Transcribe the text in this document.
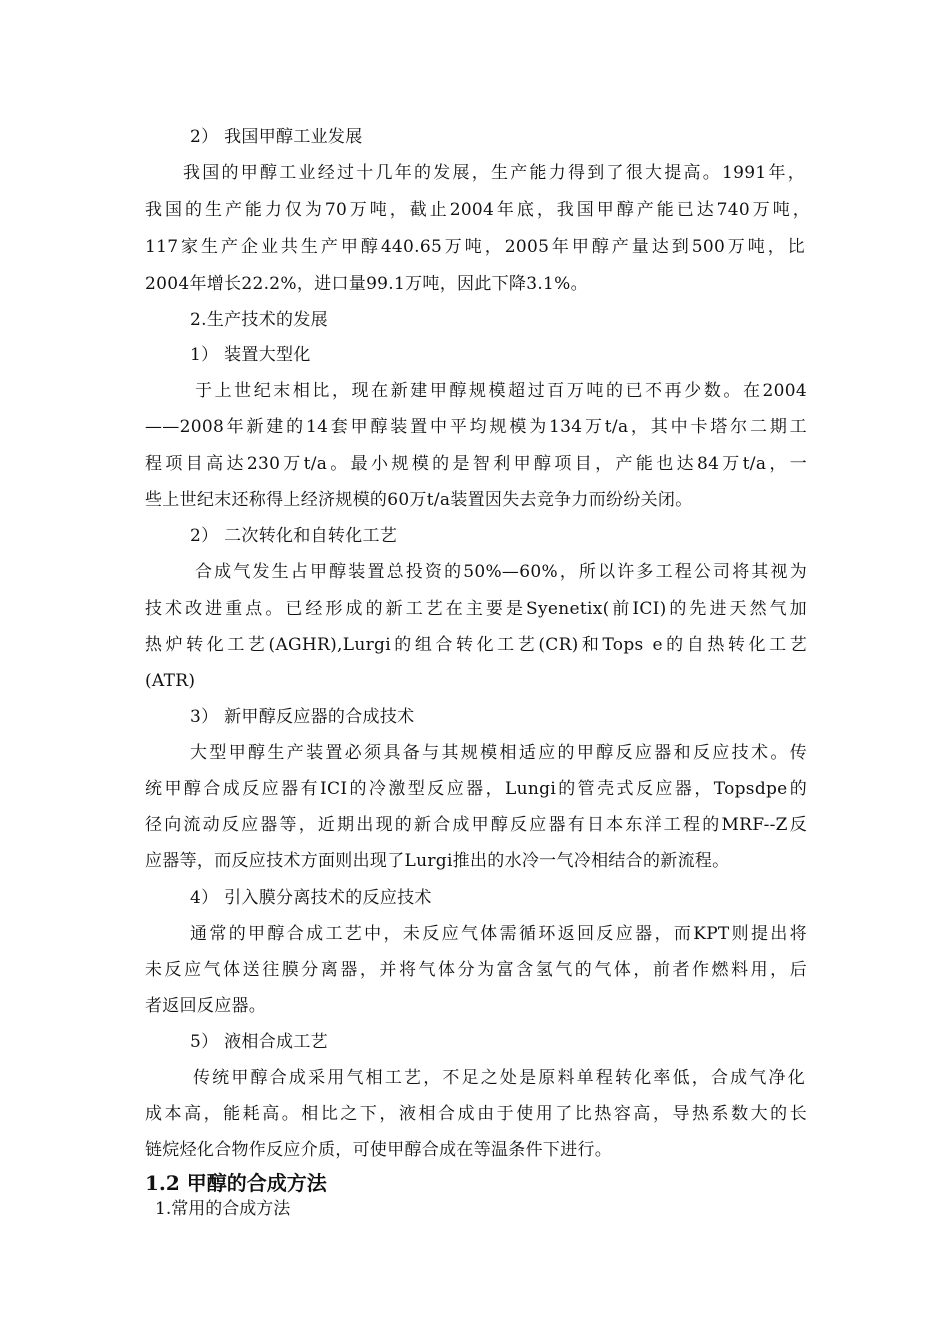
2） 我国甲醇工业发展
我国的甲醇工业经过十几年的发展，生产能力得到了很大提高。1991年，
我国的生产能力仅为70万吨，截止2004年底，我国甲醇产能已达740万吨，
117家生产企业共生产甲醇440.65万吨，2005年甲醇产量达到500万吨，比
2004年增长22.2%，进口量99.1万吨，因此下降3.1%。
2.生产技术的发展
1） 装置大型化
于上世纪末相比，现在新建甲醇规模超过百万吨的已不再少数。在2004
——2008年新建的14套甲醇装置中平均规模为134万t/a，其中卡塔尔二期工
程项目高达230万t/a。最小规模的是智利甲醇项目，产能也达84万t/a，一
些上世纪末还称得上经济规模的60万t/a装置因失去竞争力而纷纷关闭。
2） 二次转化和自转化工艺
合成气发生占甲醇装置总投资的50%—60%，所以许多工程公司将其视为
技术改进重点。已经形成的新工艺在主要是Syenetix(前ICI)的先进天然气加
热炉转化工艺(AGHR),Lurgi的组合转化工艺(CR)和Tops e的自热转化工艺
(ATR)
3） 新甲醇反应器的合成技术
大型甲醇生产装置必须具备与其规模相适应的甲醇反应器和反应技术。传
统甲醇合成反应器有ICI的冷激型反应器，Lungi的管壳式反应器，Topsdpe的
径向流动反应器等，近期出现的新合成甲醇反应器有日本东洋工程的MRF--Z反
应器等，而反应技术方面则出现了Lurgi推出的水冷一气冷相结合的新流程。
4） 引入膜分离技术的反应技术
通常的甲醇合成工艺中，未反应气体需循环返回反应器，而KPT则提出将
未反应气体送往膜分离器，并将气体分为富含氢气的气体，前者作燃料用，后
者返回反应器。
5） 液相合成工艺
传统甲醇合成采用气相工艺，不足之处是原料单程转化率低，合成气净化
成本高，能耗高。相比之下，液相合成由于使用了比热容高，导热系数大的长
链烷烃化合物作反应介质，可使甲醇合成在等温条件下进行。
1.2 甲醇的合成方法
1.常用的合成方法
